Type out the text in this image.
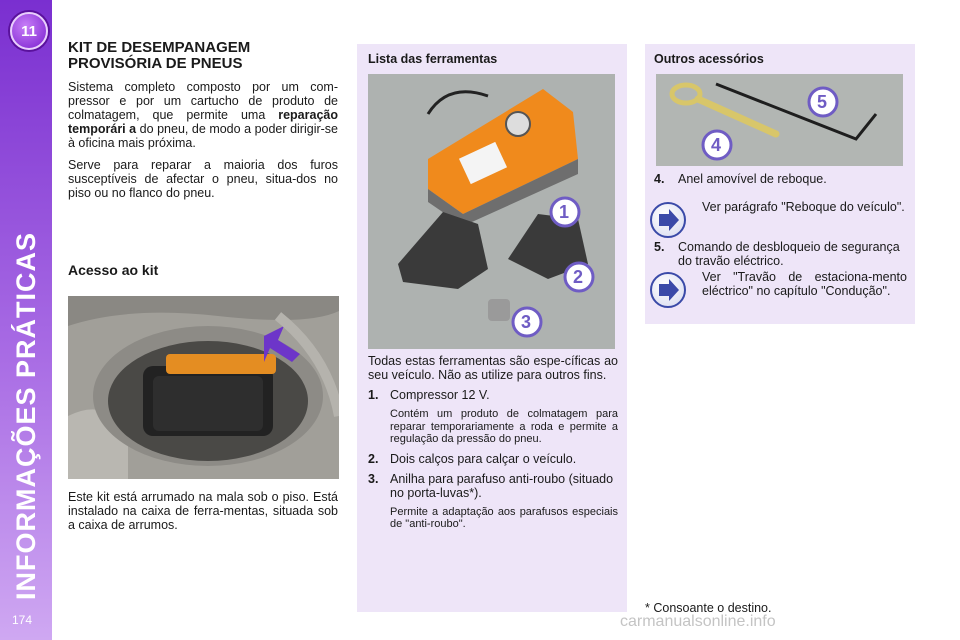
11
INFORMAÇÕES PRÁTICAS
174
KIT DE DESEMPANAGEM PROVISÓRIA DE PNEUS

Sistema completo composto por um com-pressor e por um cartucho de produto de colmatagem, que permite uma reparação temporári a do pneu, de modo a poder dirigir-se à oficina mais próxima.

Serve para reparar a maioria dos furos susceptíveis de afectar o pneu, situa-dos no piso ou no flanco do pneu.

Acesso ao kit

Este kit está arrumado na mala sob o piso. Está instalado na caixa de ferra-mentas, situada sob a caixa de arrumos.

Lista das ferramentas
1
2
3

Todas estas ferramentas são espe-cíficas ao seu veículo. Não as utilize para outros fins.

1. Compressor 12 V.
Contém um produto de colmatagem para reparar temporariamente a roda e permite a regulação da pressão do pneu.
2. Dois calços para calçar o veículo.
3. Anilha para parafuso anti-roubo (situado no porta-luvas*).
Permite a adaptação aos parafusos especiais de "anti-roubo".
Outros acessórios
4
5
4.	Anel amovível de reboque.
Ver parágrafo "Reboque do veículo".
5.	Comando de desbloqueio de segurança do travão eléctrico.
Ver "Travão de estaciona-mento eléctrico" no capítulo "Condução".
* Consoante o destino.
carmanualsonline.info
